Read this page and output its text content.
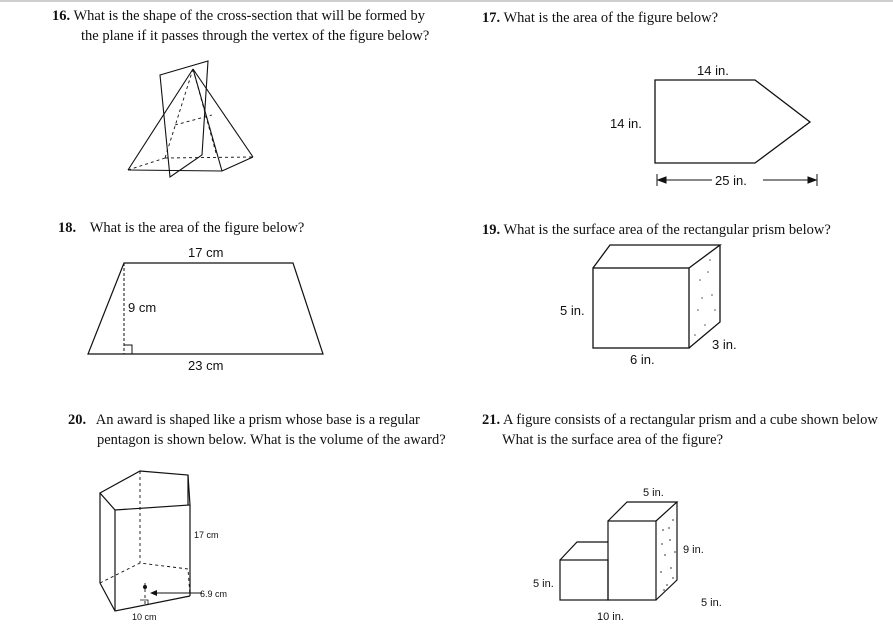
16. What is the shape of the cross-section that will be formed by
the plane if it passes through the vertex of the figure below?
17. What is the area of the figure below?
14 in.
14 in.
25 in.
18. What is the area of the figure below?
17 cm
9 cm
23 cm
19. What is the surface area of the rectangular prism below?
5 in.
6 in.
3 in.
20. An award is shaped like a prism whose base is a regular
pentagon is shown below. What is the volume of the award?
17 cm
6.9 cm
10 cm
21. A figure consists of a rectangular prism and a cube shown below
What is the surface area of the figure?
5 in.
9 in.
5 in.
5 in.
10 in.
